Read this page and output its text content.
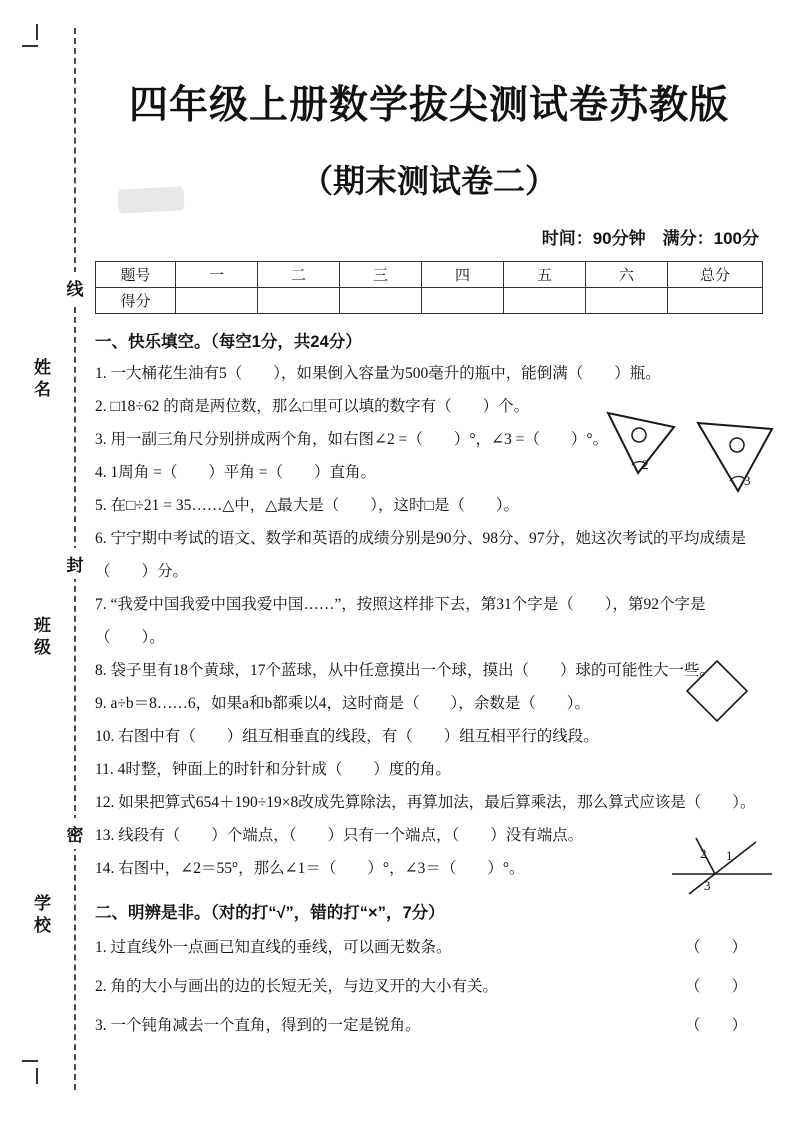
线
封
密
姓名
班级
学校
四年级上册数学拔尖测试卷苏教版
（期末测试卷二）
时间：90分钟　满分：100分
题号	一	二	三	四	五	六	总分
得分							
一、快乐填空。（每空1分，共24分）
1. 一大桶花生油有5（　　），如果倒入容量为500毫升的瓶中，能倒满（　　）瓶。
2. □18÷62 的商是两位数，那么□里可以填的数字有（　　）个。
3. 用一副三角尺分别拼成两个角，如右图∠2 =（　　）°，∠3 =（　　）°。
4. 1周角 =（　　）平角 =（　　）直角。
5. 在□÷21 = 35……△中，△最大是（　　），这时□是（　　）。
6. 宁宁期中考试的语文、数学和英语的成绩分别是90分、98分、97分，她这次考试的平均成绩是（　　）分。
7. “我爱中国我爱中国我爱中国……”，按照这样排下去，第31个字是（　　），第92个字是（　　）。
8. 袋子里有18个黄球，17个蓝球，从中任意摸出一个球，摸出（　　）球的可能性大一些。
9. a÷b＝8……6，如果a和b都乘以4，这时商是（　　），余数是（　　）。
10. 右图中有（　　）组互相垂直的线段，有（　　）组互相平行的线段。
11. 4时整，钟面上的时针和分针成（　　）度的角。
12. 如果把算式654＋190÷19×8改成先算除法，再算加法，最后算乘法，那么算式应该是（　　）。
13. 线段有（　　）个端点，（　　）只有一个端点，（　　）没有端点。
14. 右图中，∠2＝55°，那么∠1＝（　　）°，∠3＝（　　）°。
二、明辨是非。（对的打“√”，错的打“×”，7分）
1. 过直线外一点画已知直线的垂线，可以画无数条。	（　　）
2. 角的大小与画出的边的长短无关，与边叉开的大小有关。	（　　）
3. 一个钝角减去一个直角，得到的一定是锐角。	（　　）
2
3
2 1
3
